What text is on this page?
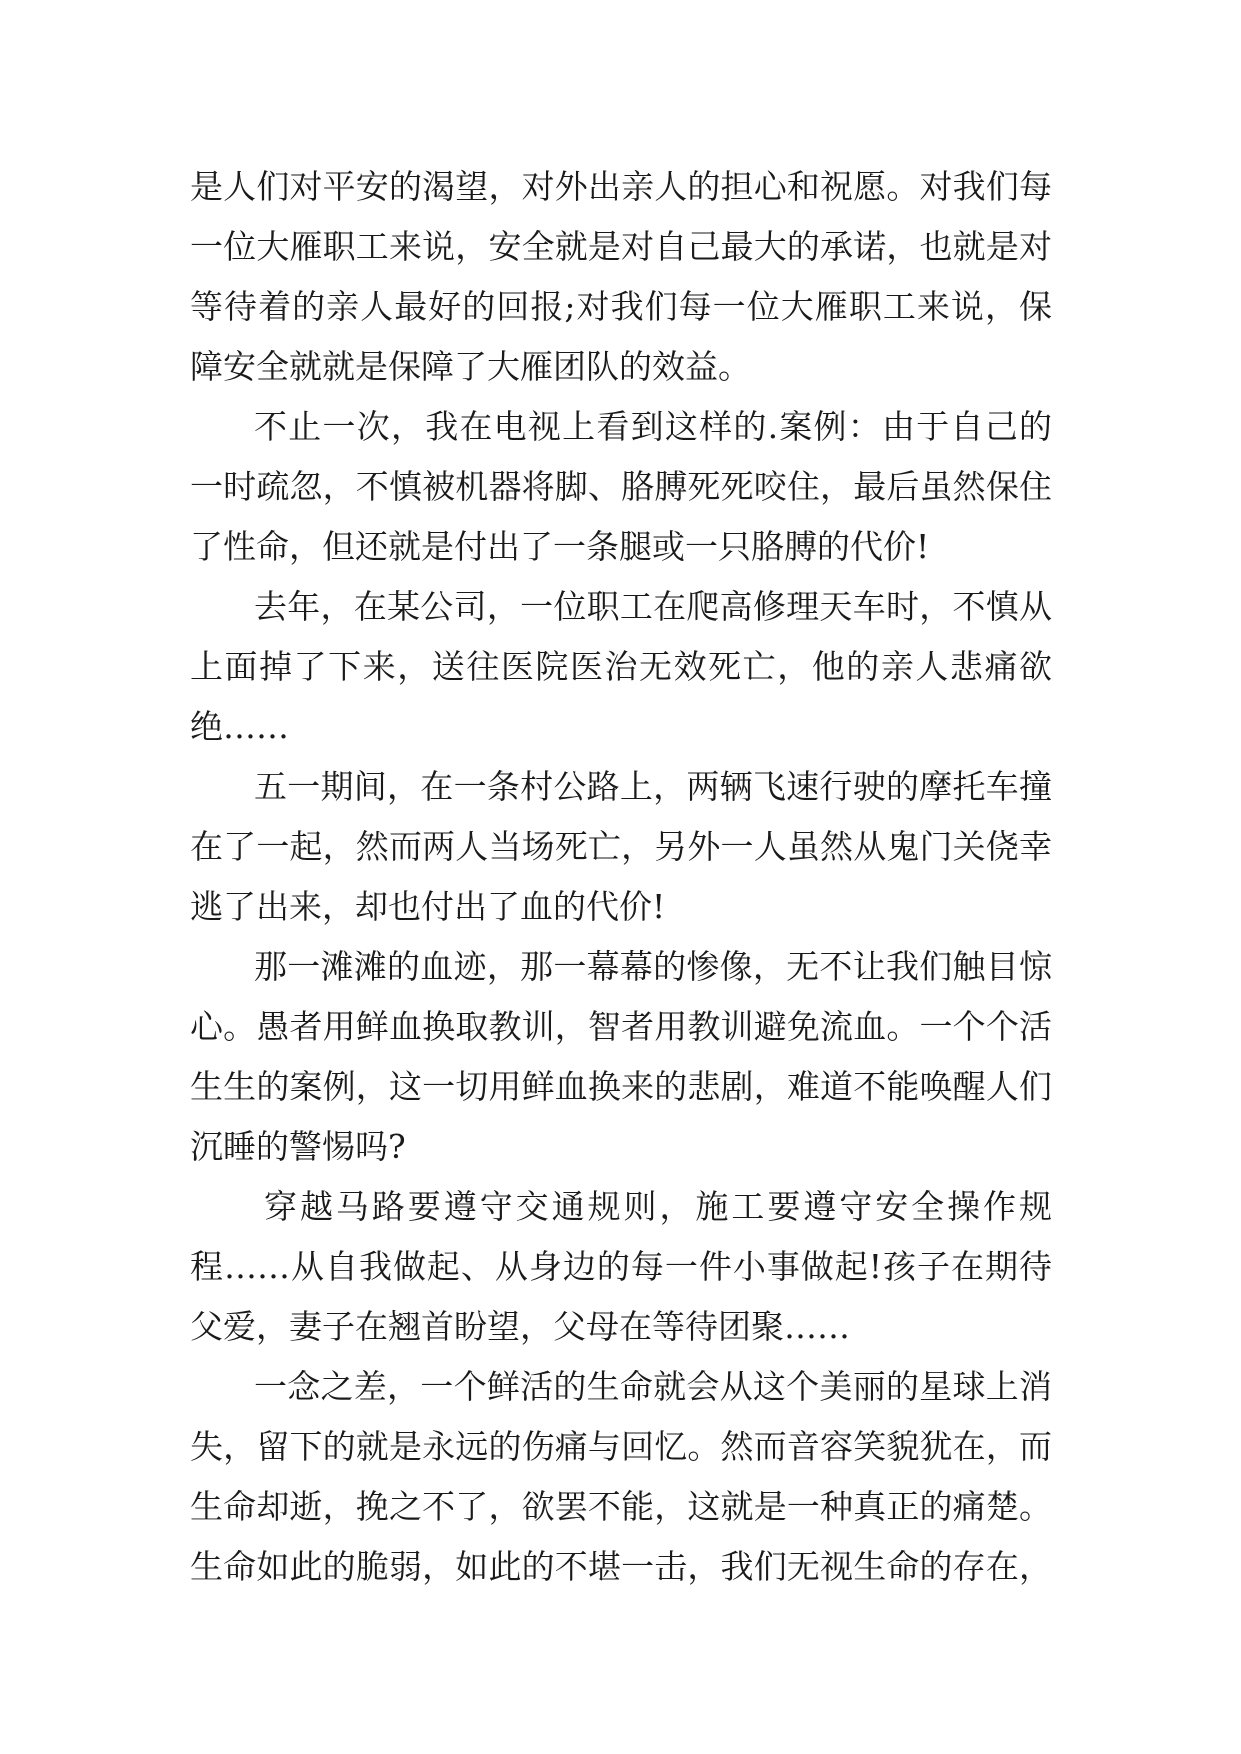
是人们对平安的渴望，对外出亲人的担心和祝愿。对我们每
一位大雁职工来说，安全就是对自己最大的承诺，也就是对
等待着的亲人最好的回报;对我们每一位大雁职工来说，保
障安全就就是保障了大雁团队的效益。
不止一次，我在电视上看到这样的.案例：由于自己的
一时疏忽，不慎被机器将脚、胳膊死死咬住，最后虽然保住
了性命，但还就是付出了一条腿或一只胳膊的代价!
去年，在某公司，一位职工在爬高修理天车时，不慎从
上面掉了下来，送往医院医治无效死亡，他的亲人悲痛欲
绝……
五一期间，在一条村公路上，两辆飞速行驶的摩托车撞
在了一起，然而两人当场死亡，另外一人虽然从鬼门关侥幸
逃了出来，却也付出了血的代价!
那一滩滩的血迹，那一幕幕的惨像，无不让我们触目惊
心。愚者用鲜血换取教训，智者用教训避免流血。一个个活
生生的案例，这一切用鲜血换来的悲剧，难道不能唤醒人们
沉睡的警惕吗?
穿越马路要遵守交通规则，施工要遵守安全操作规
程……从自我做起、从身边的每一件小事做起!孩子在期待
父爱，妻子在翘首盼望，父母在等待团聚……
一念之差，一个鲜活的生命就会从这个美丽的星球上消
失，留下的就是永远的伤痛与回忆。然而音容笑貌犹在，而
生命却逝，挽之不了，欲罢不能，这就是一种真正的痛楚。
生命如此的脆弱，如此的不堪一击，我们无视生命的存在，
